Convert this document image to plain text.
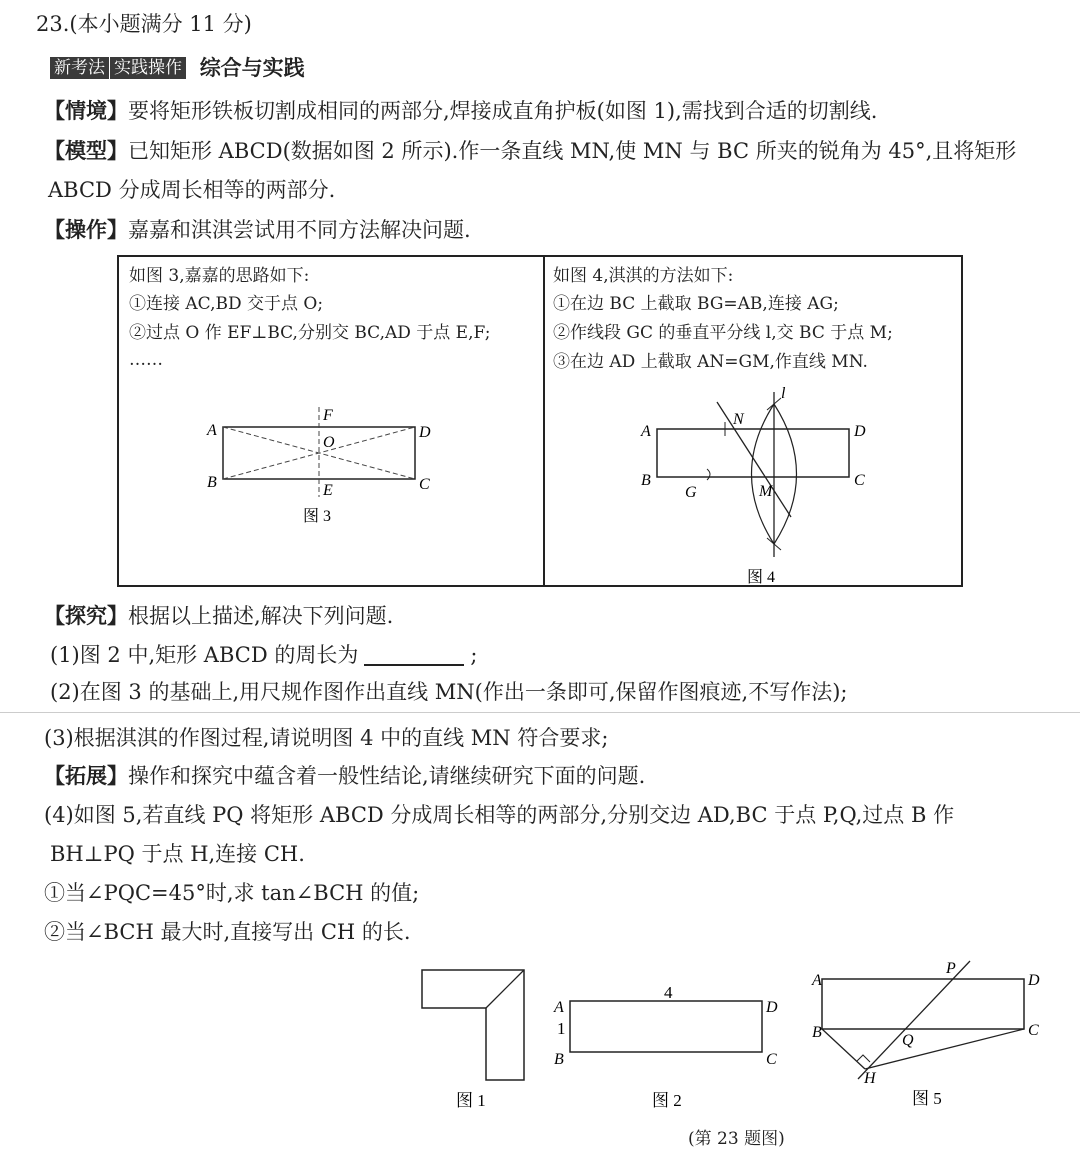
23.(本小题满分 11 分)
新考法 实践操作 综合与实践
【情境】要将矩形铁板切割成相同的两部分,焊接成直角护板(如图 1),需找到合适的切割线.
【模型】已知矩形 ABCD(数据如图 2 所示).作一条直线 MN,使 MN 与 BC 所夹的锐角为 45°,且将矩形
ABCD 分成周长相等的两部分.
【操作】嘉嘉和淇淇尝试用不同方法解决问题.
如图 3,嘉嘉的思路如下:
①连接 AC,BD 交于点 O;
②过点 O 作 EF⊥BC,分别交 BC,AD 于点 E,F;
……
如图 4,淇淇的方法如下:
①在边 BC 上截取 BG=AB,连接 AG;
②作线段 GC 的垂直平分线 l,交 BC 于点 M;
③在边 AD 上截取 AN=GM,作直线 MN.
A
B	C
D
F
O
E
图 3
A
B	C
D
G	M
N
l
图 4
【探究】根据以上描述,解决下列问题.
(1)图 2 中,矩形 ABCD 的周长为	;
(2)在图 3 的基础上,用尺规作图作出直线 MN(作出一条即可,保留作图痕迹,不写作法);
(3)根据淇淇的作图过程,请说明图 4 中的直线 MN 符合要求;
【拓展】操作和探究中蕴含着一般性结论,请继续研究下面的问题.
(4)如图 5,若直线 PQ 将矩形 ABCD 分成周长相等的两部分,分别交边 AD,BC 于点 P,Q,过点 B 作
BH⊥PQ 于点 H,连接 CH.
①当∠PQC=45°时,求 tan∠BCH 的值;
②当∠BCH 最大时,直接写出 CH 的长.
图 1
4
1
A
B	C
D
图 2
A
B	C
D
P
Q
H
图 5
(第 23 题图)
